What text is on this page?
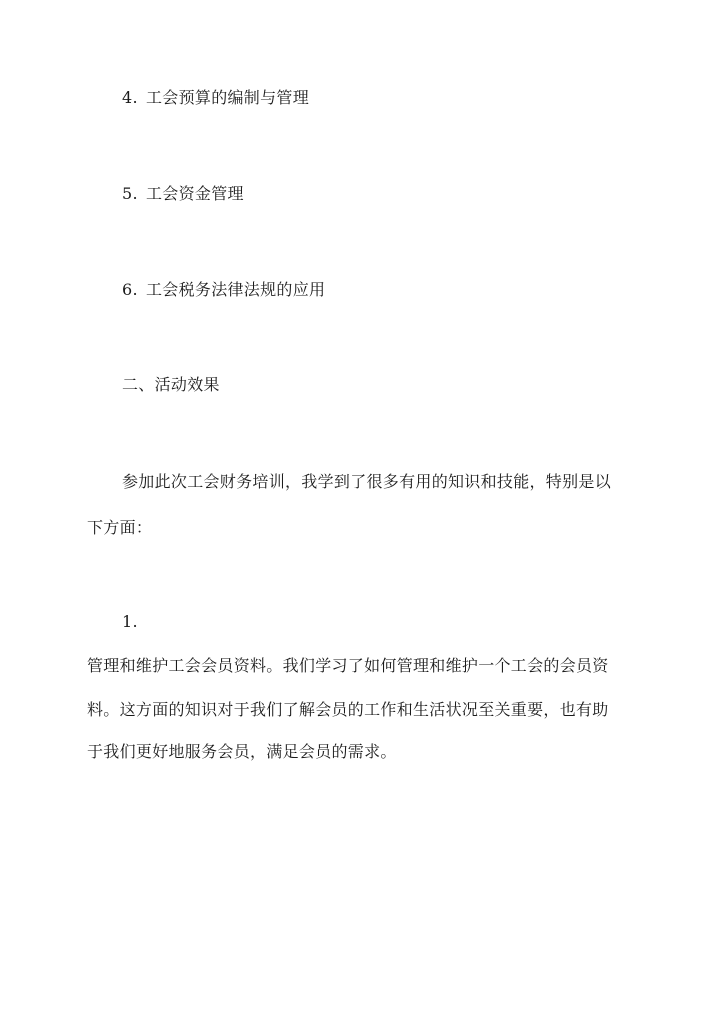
4. 工会预算的编制与管理

5. 工会资金管理

6. 工会税务法律法规的应用

二、活动效果

参加此次工会财务培训，我学到了很多有用的知识和技能，特别是以

下方面：

1.

管理和维护工会会员资料。我们学习了如何管理和维护一个工会的会员资

料。这方面的知识对于我们了解会员的工作和生活状况至关重要，也有助

于我们更好地服务会员，满足会员的需求。
